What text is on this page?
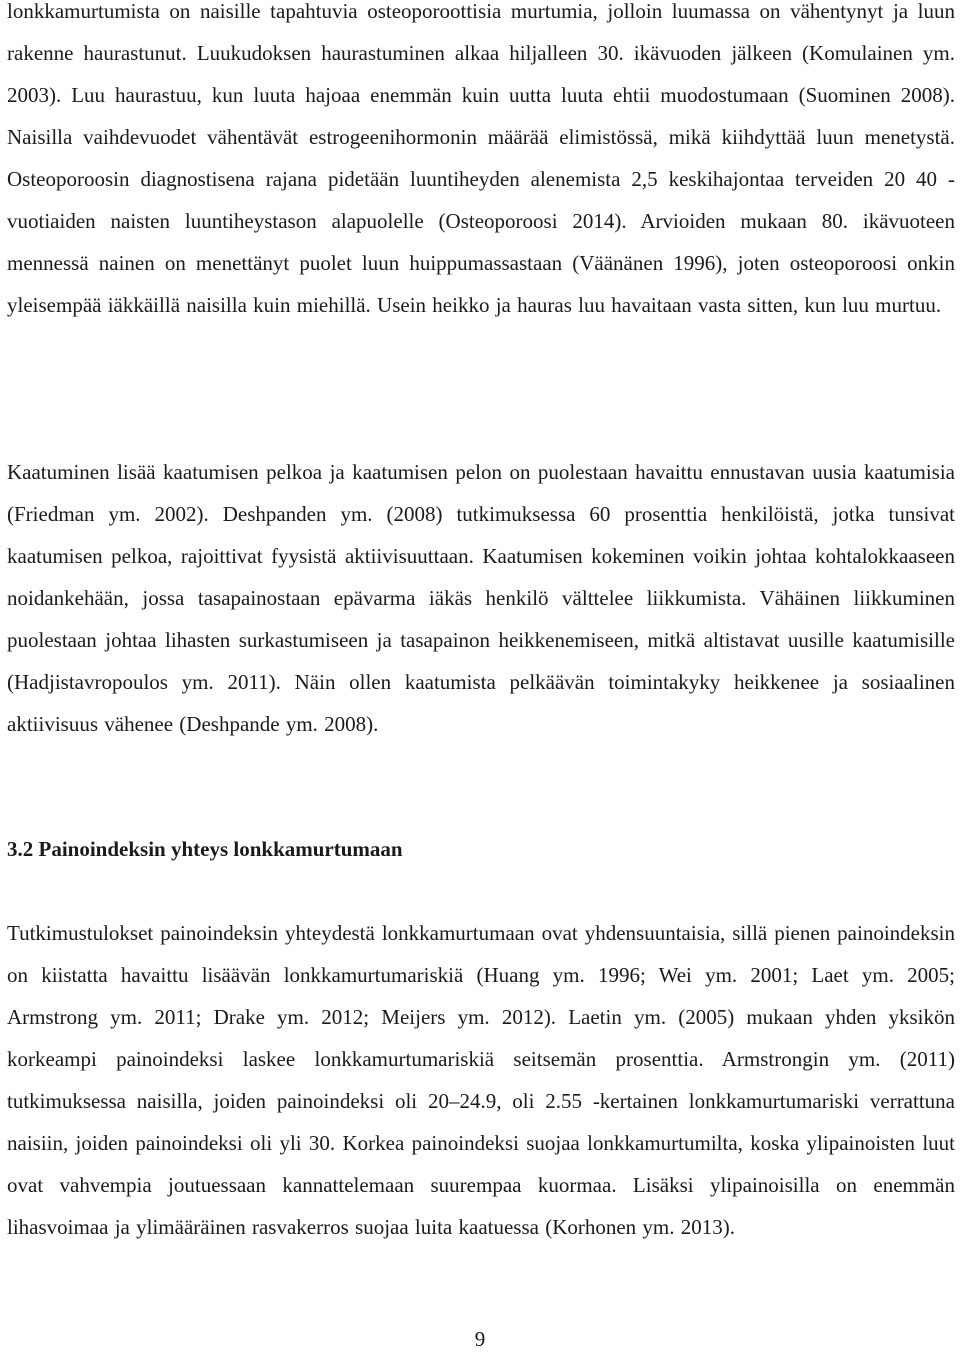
lonkkamurtumista on naisille tapahtuvia osteoporoottisia murtumia, jolloin luumassa on vähentynyt ja luun rakenne haurastunut. Luukudoksen haurastuminen alkaa hiljalleen 30. ikävuoden jälkeen (Komulainen ym. 2003). Luu haurastuu, kun luuta hajoaa enemmän kuin uutta luuta ehtii muodostumaan (Suominen 2008). Naisilla vaihdevuodet vähentävät estrogeenihormonin määrää elimistössä, mikä kiihdyttää luun menetystä. Osteoporoosin diagnostisena rajana pidetään luuntiheyden alenemista 2,5 keskihajontaa terveiden 20 40 - vuotiaiden naisten luuntiheystason alapuolelle (Osteoporoosi 2014). Arvioiden mukaan 80. ikävuoteen mennessä nainen on menettänyt puolet luun huippumassastaan (Väänänen 1996), joten osteoporoosi onkin yleisempää iäkkäillä naisilla kuin miehillä. Usein heikko ja hauras luu havaitaan vasta sitten, kun luu murtuu.

Kaatuminen lisää kaatumisen pelkoa ja kaatumisen pelon on puolestaan havaittu ennustavan uusia kaatumisia (Friedman ym. 2002). Deshpanden ym. (2008) tutkimuksessa 60 prosenttia henkilöistä, jotka tunsivat kaatumisen pelkoa, rajoittivat fyysistä aktiivisuuttaan. Kaatumisen kokeminen voikin johtaa kohtalokkaaseen noidankehään, jossa tasapainostaan epävarma iäkäs henkilö välttelee liikkumista. Vähäinen liikkuminen puolestaan johtaa lihasten surkastumiseen ja tasapainon heikkenemiseen, mitkä altistavat uusille kaatumisille (Hadjistavropoulos ym. 2011). Näin ollen kaatumista pelkäävän toimintakyky heikkenee ja sosiaalinen aktiivisuus vähenee (Deshpande ym. 2008).

3.2 Painoindeksin yhteys lonkkamurtumaan

Tutkimustulokset painoindeksin yhteydestä lonkkamurtumaan ovat yhdensuuntaisia, sillä pienen painoindeksin on kiistatta havaittu lisäävän lonkkamurtumariskiä (Huang ym. 1996; Wei ym. 2001; Laet ym. 2005; Armstrong ym. 2011; Drake ym. 2012; Meijers ym. 2012). Laetin ym. (2005) mukaan yhden yksikön korkeampi painoindeksi laskee lonkkamurtumariskiä seitsemän prosenttia. Armstrongin ym. (2011) tutkimuksessa naisilla, joiden painoindeksi oli 20–24.9, oli 2.55 -kertainen lonkkamurtumariski verrattuna naisiin, joiden painoindeksi oli yli 30. Korkea painoindeksi suojaa lonkkamurtumilta, koska ylipainoisten luut ovat vahvempia joutuessaan kannattelemaan suurempaa kuormaa. Lisäksi ylipainoisilla on enemmän lihasvoimaa ja ylimääräinen rasvakerros suojaa luita kaatuessa (Korhonen ym. 2013).

9
